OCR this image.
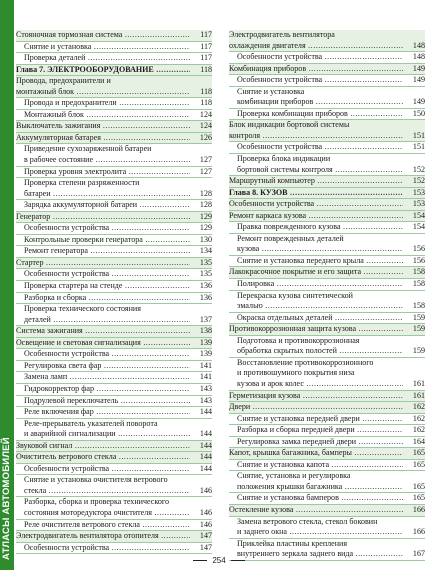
АТЛАСЫ АВТОМОБИЛЕЙ
Стояночная тормозная система .....	117
Снятие и установка .....	117
Проверка деталей .....	117
Глава 7. ЭЛЕКТРООБОРУДОВАНИЕ .....	118
Провода, предохранители и
монтажный блок .....	118
Провода и предохранители .....	118
Монтажный блок .....	124
Выключатель зажигания .....	124
Аккумуляторная батарея .....	126
Приведение сухозаряженной батареи
в рабочее состояние .....	127
Проверка уровня электролита .....	127
Проверка степени разряженности
батареи .....	128
Зарядка аккумуляторной батареи .....	128
Генератор .....	129
Особенности устройства .....	129
Контрольные проверки генератора .....	130
Ремонт генератора .....	134
Стартер .....	135
Особенности устройства .....	135
Проверка стартера на стенде .....	136
Разборка и сборка .....	136
Проверка технического состояния
деталей .....	137
Система зажигания .....	138
Освещение и световая сигнализация .....	139
Особенности устройства .....	139
Регулировка света фар .....	141
Замена ламп .....	141
Гидрокорректор фар .....	143
Подрулевой переключатель .....	143
Реле включения фар .....	144
Реле-прерыватель указателей поворота
и аварийной сигнализации .....	144
Звуковой сигнал .....	144
Очиститель ветрового стекла .....	144
Особенности устройства .....	144
Снятие и установка очистителя ветрового
стекла .....	146
Разборка, сборка и проверка технического
состояния моторедуктора очистителя .....	146
Реле очистителя ветрового стекла .....	146
Электродвигатель вентилятора отопителя .....	147
Особенности устройства .....	147
Электродвигатель вентилятора
охлаждения двигателя .....	148
Особенности устройства .....	148
Комбинация приборов .....	149
Особенности устройства .....	149
Снятие и установка
комбинации приборов .....	149
Проверка комбинации приборов .....	150
Блок индикации бортовой системы
контроля .....	151
Особенности устройства .....	151
Проверка блока индикации
бортовой системы контроля .....	152
Маршрутный компьютер .....	152
Глава 8. КУЗОВ .....	153
Особенности устройства .....	153
Ремонт каркаса кузова .....	154
Правка поврежденного кузова .....	154
Ремонт поврежденных деталей
кузова .....	156
Снятие и установка переднего крыла .....	156
Лакокрасочное покрытие и его защита .....	158
Полировка .....	158
Перекраска кузова синтетической
эмалью .....	158
Окраска отдельных деталей .....	159
Противокоррозионная защита кузова .....	159
Подготовка и противокоррозионная
обработка скрытых полостей .....	159
Восстановление противокоррозионного
и противошумного покрытия низа
кузова и арок колес .....	161
Герметизация кузова .....	161
Двери .....	162
Снятие и установка передней двери .....	162
Разборка и сборка передней двери .....	162
Регулировка замка передней двери .....	164
Капот, крышка багажника, бамперы .....	165
Снятие и установка капота .....	165
Снятие, установка и регулировка
положения крышки багажника .....	165
Снятие и установка бамперов .....	165
Остекление кузова .....	166
Замена ветрового стекла, стекол боковин
и заднего окна .....	166
Приклейка пластины крепления
внутреннего зеркала заднего вида .....	167
254
